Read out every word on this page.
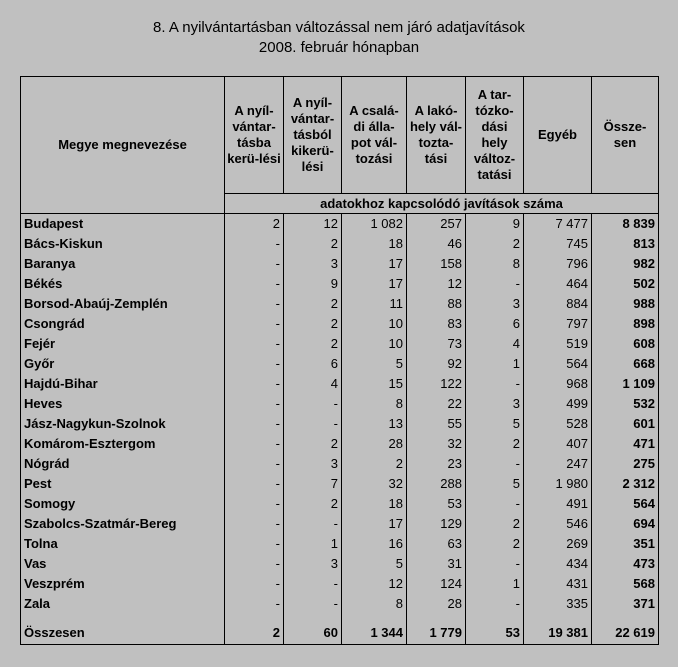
8. A nyilvántartásban változással nem járó adatjavítások
2008. február hónapban
Megye megnevezése	A nyíl-vántar-tásba kerü-lési	A nyíl-vántar-tásból kikerü-lési	A csalá-di álla-pot vál-tozási	A lakó-hely vál-tozta-tási	A tar-tózko-dási hely változ-tatási	Egyéb	Össze-sen
	adatokhoz kapcsolódó javítások száma						
Budapest	2	12	1 082	257	9	7 477	8 839
Bács-Kiskun	-	2	18	46	2	745	813
Baranya	-	3	17	158	8	796	982
Békés	-	9	17	12	-	464	502
Borsod-Abaúj-Zemplén	-	2	11	88	3	884	988
Csongrád	-	2	10	83	6	797	898
Fejér	-	2	10	73	4	519	608
Győr	-	6	5	92	1	564	668
Hajdú-Bihar	-	4	15	122	-	968	1 109
Heves	-	-	8	22	3	499	532
Jász-Nagykun-Szolnok	-	-	13	55	5	528	601
Komárom-Esztergom	-	2	28	32	2	407	471
Nógrád	-	3	2	23	-	247	275
Pest	-	7	32	288	5	1 980	2 312
Somogy	-	2	18	53	-	491	564
Szabolcs-Szatmár-Bereg	-	-	17	129	2	546	694
Tolna	-	1	16	63	2	269	351
Vas	-	3	5	31	-	434	473
Veszprém	-	-	12	124	1	431	568
Zala	-	-	8	28	-	335	371

Összesen	2	60	1 344	1 779	53	19 381	22 619
